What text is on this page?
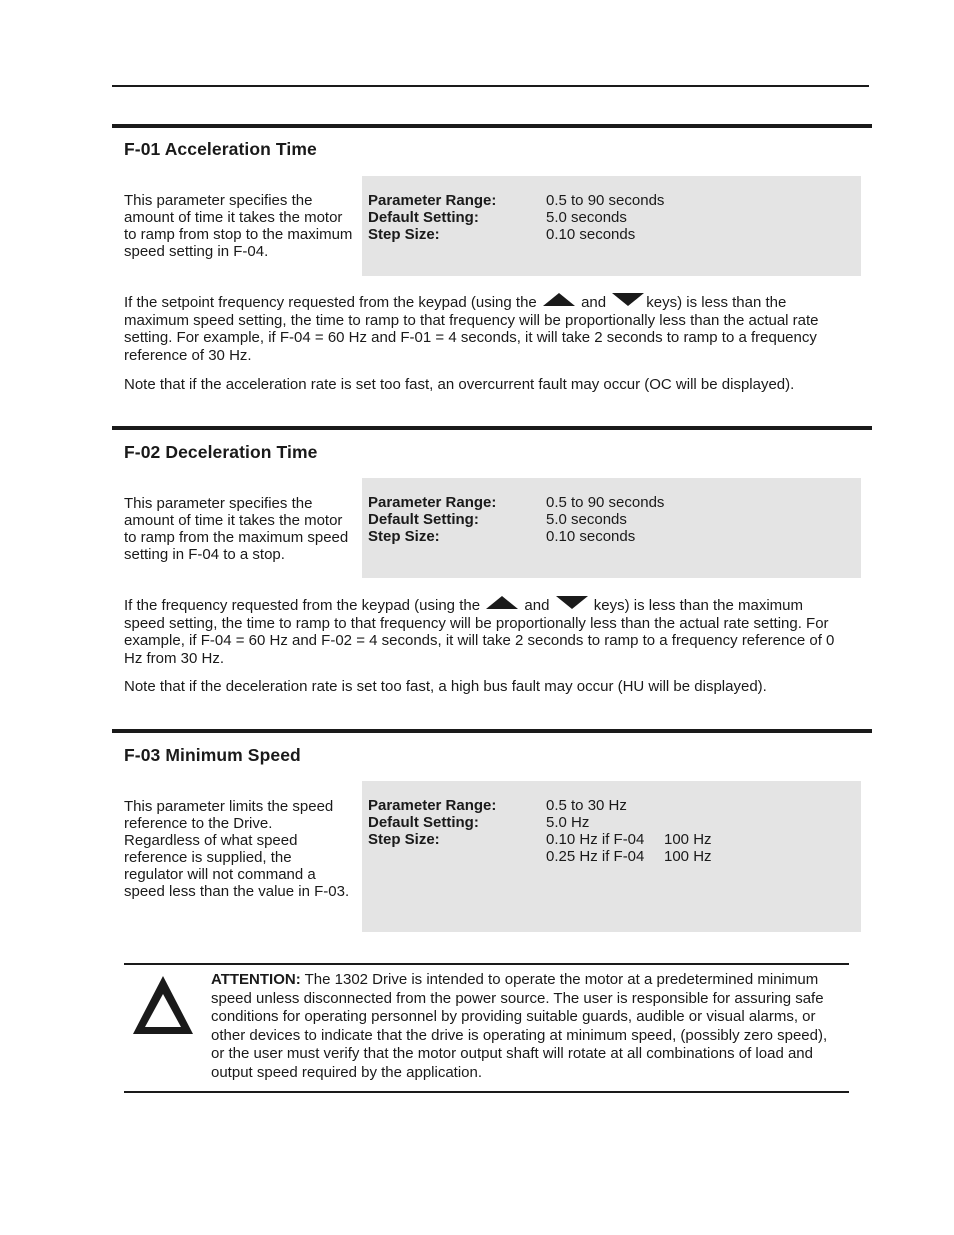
F-01 Acceleration Time
This parameter specifies the amount of time it takes the motor to ramp from stop to the maximum speed setting in F-04.
Parameter Range:	0.5 to 90 seconds
Default Setting:	5.0 seconds
Step Size:	0.10 seconds
If the setpoint frequency requested from the keypad (using the	and	keys) is less than the maximum speed setting, the time to ramp to that frequency will be proportionally less than the actual rate setting. For example, if F-04 = 60 Hz and F-01 = 4 seconds, it will take 2 seconds to ramp to a frequency reference of 30 Hz.
Note that if the acceleration rate is set too fast, an overcurrent fault may occur (OC will be displayed).
F-02 Deceleration Time
This parameter specifies the amount of time it takes the motor to ramp from the maximum speed setting in F-04 to a stop.
Parameter Range:	0.5 to 90 seconds
Default Setting:	5.0 seconds
Step Size:	0.10 seconds
If the frequency requested from the keypad (using the	and	keys) is less than the maximum speed setting, the time to ramp to that frequency will be proportionally less than the actual rate setting. For example, if F-04 = 60 Hz and F-02 = 4 seconds, it will take 2 seconds to ramp to a frequency reference of 0 Hz from 30 Hz.
Note that if the deceleration rate is set too fast, a high bus fault may occur (HU will be displayed).
F-03 Minimum Speed
This parameter limits the speed reference to the Drive. Regardless of what speed reference is supplied, the regulator will not command a speed less than the value in F-03.
Parameter Range:	0.5 to 30 Hz
Default Setting:	5.0 Hz
Step Size:	0.10 Hz if F-04 100 Hz
0.25 Hz if F-04 100 Hz
ATTENTION: The 1302 Drive is intended to operate the motor at a predetermined minimum speed unless disconnected from the power source. The user is responsible for assuring safe conditions for operating personnel by providing suitable guards, audible or visual alarms, or other devices to indicate that the drive is operating at minimum speed, (possibly zero speed), or the user must verify that the motor output shaft will rotate at all combinations of load and output speed required by the application.
